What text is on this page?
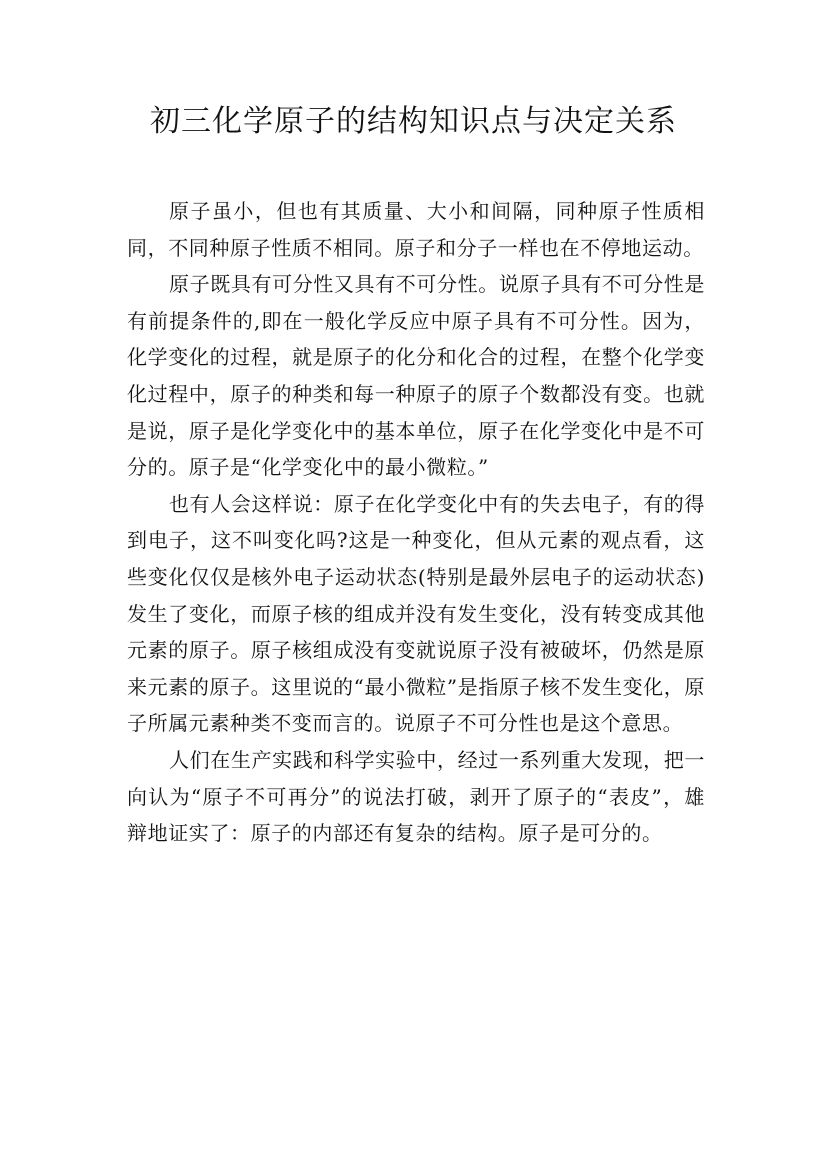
初三化学原子的结构知识点与决定关系

原子虽小，但也有其质量、大小和间隔，同种原子性质相同，不同种原子性质不相同。原子和分子一样也在不停地运动。

原子既具有可分性又具有不可分性。说原子具有不可分性是有前提条件的,即在一般化学反应中原子具有不可分性。因为，化学变化的过程，就是原子的化分和化合的过程，在整个化学变化过程中，原子的种类和每一种原子的原子个数都没有变。也就是说，原子是化学变化中的基本单位，原子在化学变化中是不可分的。原子是“化学变化中的最小微粒。”

也有人会这样说：原子在化学变化中有的失去电子，有的得到电子，这不叫变化吗?这是一种变化，但从元素的观点看，这些变化仅仅是核外电子运动状态(特别是最外层电子的运动状态)发生了变化，而原子核的组成并没有发生变化，没有转变成其他元素的原子。原子核组成没有变就说原子没有被破坏，仍然是原来元素的原子。这里说的“最小微粒”是指原子核不发生变化，原子所属元素种类不变而言的。说原子不可分性也是这个意思。

人们在生产实践和科学实验中，经过一系列重大发现，把一向认为“原子不可再分”的说法打破，剥开了原子的“表皮”，雄辩地证实了：原子的内部还有复杂的结构。原子是可分的。
